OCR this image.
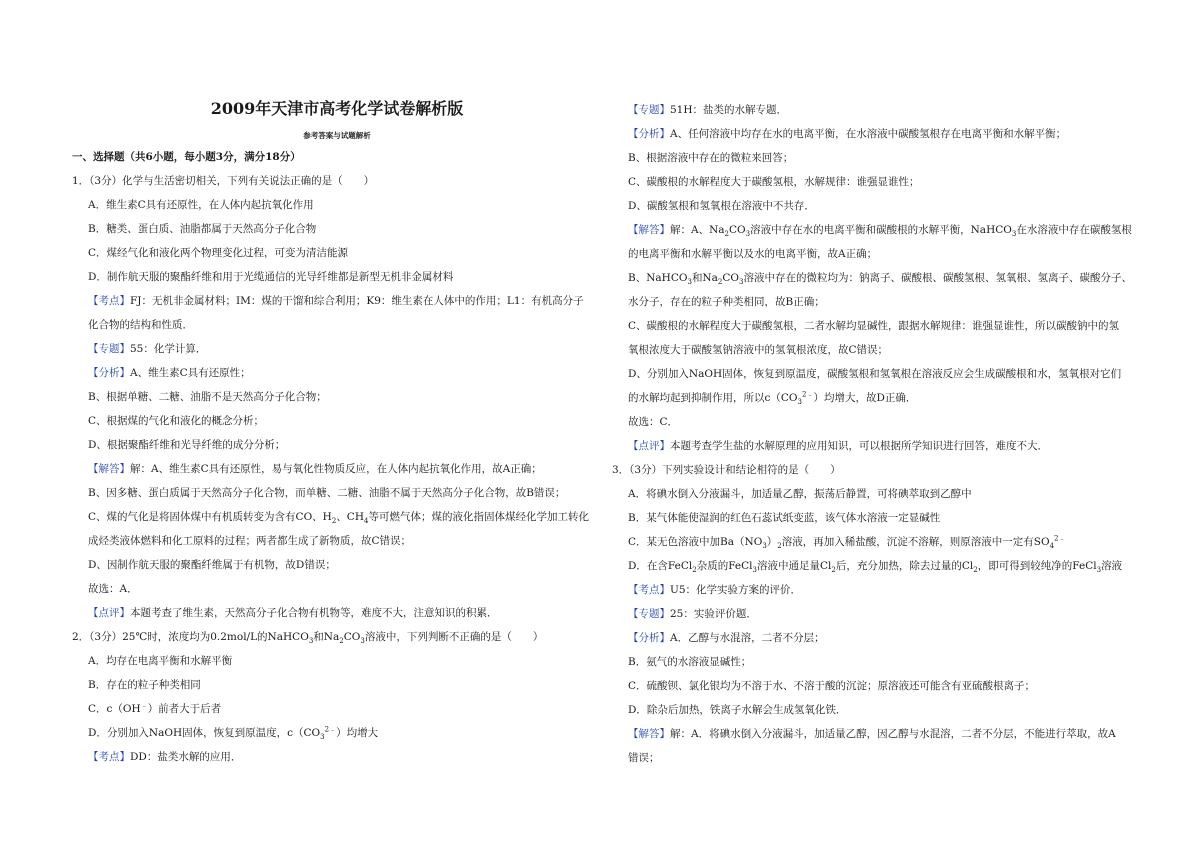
2009年天津市高考化学试卷解析版
参考答案与试题解析
一、选择题（共6小题，每小题3分，满分18分）
1．（3分）化学与生活密切相关，下列有关说法正确的是（　　）
A．维生素C具有还原性，在人体内起抗氧化作用
B．糖类、蛋白质、油脂都属于天然高分子化合物
C．煤经气化和液化两个物理变化过程，可变为清洁能源
D．制作航天服的聚酯纤维和用于光缆通信的光导纤维都是新型无机非金属材料
【考点】FJ：无机非金属材料；IM：煤的干馏和综合利用；K9：维生素在人体中的作用；L1：有机高分子
化合物的结构和性质．
【专题】55：化学计算．
【分析】A、维生素C具有还原性；
B、根据单糖、二糖、油脂不是天然高分子化合物；
C、根据煤的气化和液化的概念分析；
D、根据聚酯纤维和光导纤维的成分分析；
【解答】解：A、维生素C具有还原性，易与氧化性物质反应，在人体内起抗氧化作用，故A正确；
B、因多糖、蛋白质属于天然高分子化合物，而单糖、二糖、油脂不属于天然高分子化合物，故B错误；
C、煤的气化是将固体煤中有机质转变为含有CO、$H_2$、$CH_4$等可燃气体；煤的液化指固体煤经化学加工转化
成烃类液体燃料和化工原料的过程；两者都生成了新物质，故C错误；
D、因制作航天服的聚酯纤维属于有机物，故D错误；
故选：A．
【点评】本题考查了维生素，天然高分子化合物有机物等，难度不大，注意知识的积累．
2．（3分）25℃时，浓度均为0.2mol/L的NaHCO$_3$和$Na_2CO_3$溶液中，下列判断不正确的是（　　）
A．均存在电离平衡和水解平衡
B．存在的粒子种类相同
C．c（OH﹣）前者大于后者
D．分别加入NaOH固体，恢复到原温度，$c(CO_3^{2﹣})$均增大
【考点】DD：盐类水解的应用．
【专题】51H：盐类的水解专题．
【分析】A、任何溶液中均存在水的电离平衡，在水溶液中碳酸氢根存在电离平衡和水解平衡；
B、根据溶液中存在的微粒来回答；
C、碳酸根的水解程度大于碳酸氢根，水解规律：谁强显谁性；
D、碳酸氢根和氢氧根在溶液中不共存．
【解答】解：A、$Na_2CO_3$溶液中存在水的电离平衡和碳酸根的水解平衡，NaHCO$_3$在水溶液中存在碳酸氢根
的电离平衡和水解平衡以及水的电离平衡，故A正确；
B、NaHCO$_3$和$Na_2CO_3$溶液中存在的微粒均为：钠离子、碳酸根、碳酸氢根、氢氧根、氢离子、碳酸分子、
水分子，存在的粒子种类相同，故B正确；
C、碳酸根的水解程度大于碳酸氢根，二者水解均显碱性，跟据水解规律：谁强显谁性，所以碳酸钠中的氢
氧根浓度大于碳酸氢钠溶液中的氢氧根浓度，故C错误；
D、分别加入NaOH固体，恢复到原温度，碳酸氢根和氢氧根在溶液反应会生成碳酸根和水，氢氧根对它们
的水解均起到抑制作用，所以$c(CO_3^{2﹣})$均增大，故D正确．
故选：C．
【点评】本题考查学生盐的水解原理的应用知识，可以根据所学知识进行回答，难度不大．
3．（3分）下列实验设计和结论相符的是（　　）
A．将碘水倒入分液漏斗，加适量乙醇，振荡后静置，可将碘萃取到乙醇中
B．某气体能使湿润的红色石蕊试纸变蓝，该气体水溶液一定显碱性
C．某无色溶液中加$Ba(NO_3)_2$溶液，再加入稀盐酸，沉淀不溶解，则原溶液中一定有$SO_4^{2﹣}$
D．在含FeCl$_2$杂质的FeCl$_3$溶液中通足量$Cl_2$后，充分加热，除去过量的$Cl_2$，即可得到较纯净的FeCl$_3$溶液
【考点】U5：化学实验方案的评价．
【专题】25：实验评价题．
【分析】A．乙醇与水混溶，二者不分层；
B．氨气的水溶液显碱性；
C．硫酸钡、氯化银均为不溶于水、不溶于酸的沉淀；原溶液还可能含有亚硫酸根离子；
D．除杂后加热，铁离子水解会生成氢氧化铁．
【解答】解：A．将碘水倒入分液漏斗，加适量乙醇，因乙醇与水混溶，二者不分层，不能进行萃取，故A
错误；
